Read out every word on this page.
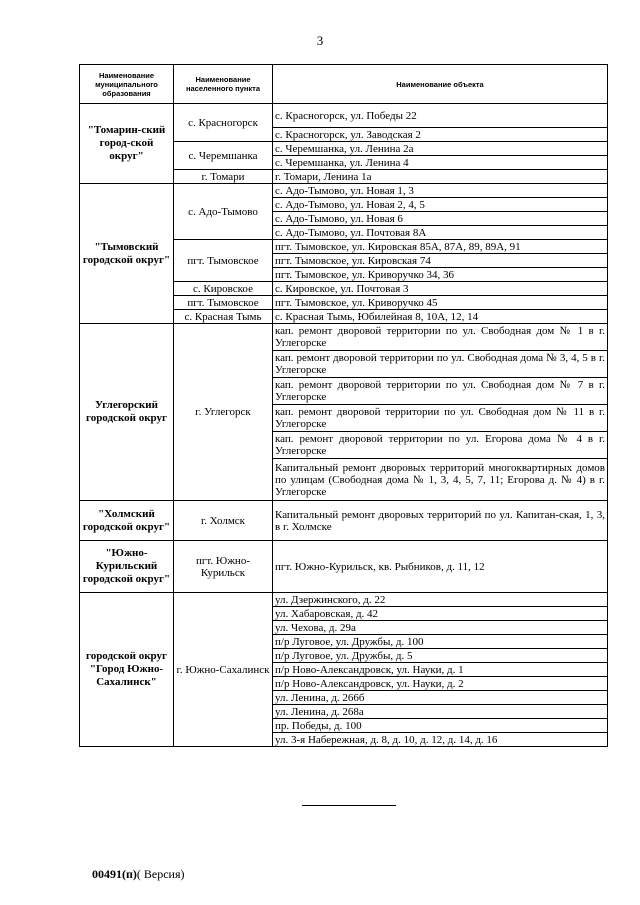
3
Наименование муниципального образования	Наименование населенного пункта	Наименование объекта
"Томарин-ский город-ской округ"	с. Красногорск	с. Красногорск, ул. Победы 22
		с. Красногорск, ул. Заводская 2
	с. Черемшанка	с. Черемшанка, ул. Ленина 2а
		с. Черемшанка, ул. Ленина 4
	г. Томари	г. Томари, Ленина 1а
"Тымовский городской округ"	с. Адо-Тымово	с. Адо-Тымово, ул. Новая 1, 3
		с. Адо-Тымово, ул. Новая 2, 4, 5
		с. Адо-Тымово, ул. Новая 6
		с. Адо-Тымово, ул. Почтовая 8А
	пгт. Тымовское	пгт. Тымовское, ул. Кировская 85А, 87А, 89, 89А, 91
		пгт. Тымовское, ул. Кировская 74
		пгт. Тымовское, ул. Криворучко 34, 36
	с. Кировское	с. Кировское, ул. Почтовая 3
	пгт. Тымовское	пгт. Тымовское, ул. Криворучко 45
	с. Красная Тымь	с. Красная Тымь, Юбилейная 8, 10А, 12, 14
Углегорский городской округ	г. Углегорск	кап. ремонт дворовой территории по ул. Свободная дом № 1 в г. Углегорске
		кап. ремонт дворовой территории по ул. Свободная дома № 3, 4, 5 в г. Углегорске
		кап. ремонт дворовой территории по ул. Свободная дом № 7 в г. Углегорске
		кап. ремонт дворовой территории по ул. Свободная дом № 11 в г. Углегорске
		кап. ремонт дворовой территории по ул. Егорова дома № 4 в г. Углегорске
		Капитальный ремонт дворовых территорий многоквартирных домов по улицам (Свободная дома № 1, 3, 4, 5, 7, 11; Егорова д. № 4) в г. Углегорске
"Холмский городской округ"	г. Холмск	Капитальный ремонт дворовых территорий по ул. Капитан-ская, 1, 3, в г. Холмске
"Южно-Курильский городской округ"	пгт. Южно-Курильск	пгт. Южно-Курильск, кв. Рыбников, д. 11, 12
городской округ "Город Южно-Сахалинск"	г. Южно-Сахалинск	ул. Дзержинского, д. 22
		ул. Хабаровская, д. 42
		ул. Чехова, д. 29а
		п/р Луговое, ул. Дружбы, д. 100
		п/р Луговое, ул. Дружбы, д. 5
		п/р Ново-Александровск, ул. Науки, д. 1
		п/р Ново-Александровск, ул. Науки, д. 2
		ул. Ленина, д. 266б
		ул. Ленина, д. 268а
		пр. Победы, д. 100
		ул. 3-я Набережная, д. 8, д. 10, д. 12, д. 14, д. 16
00491(п)( Версия)
